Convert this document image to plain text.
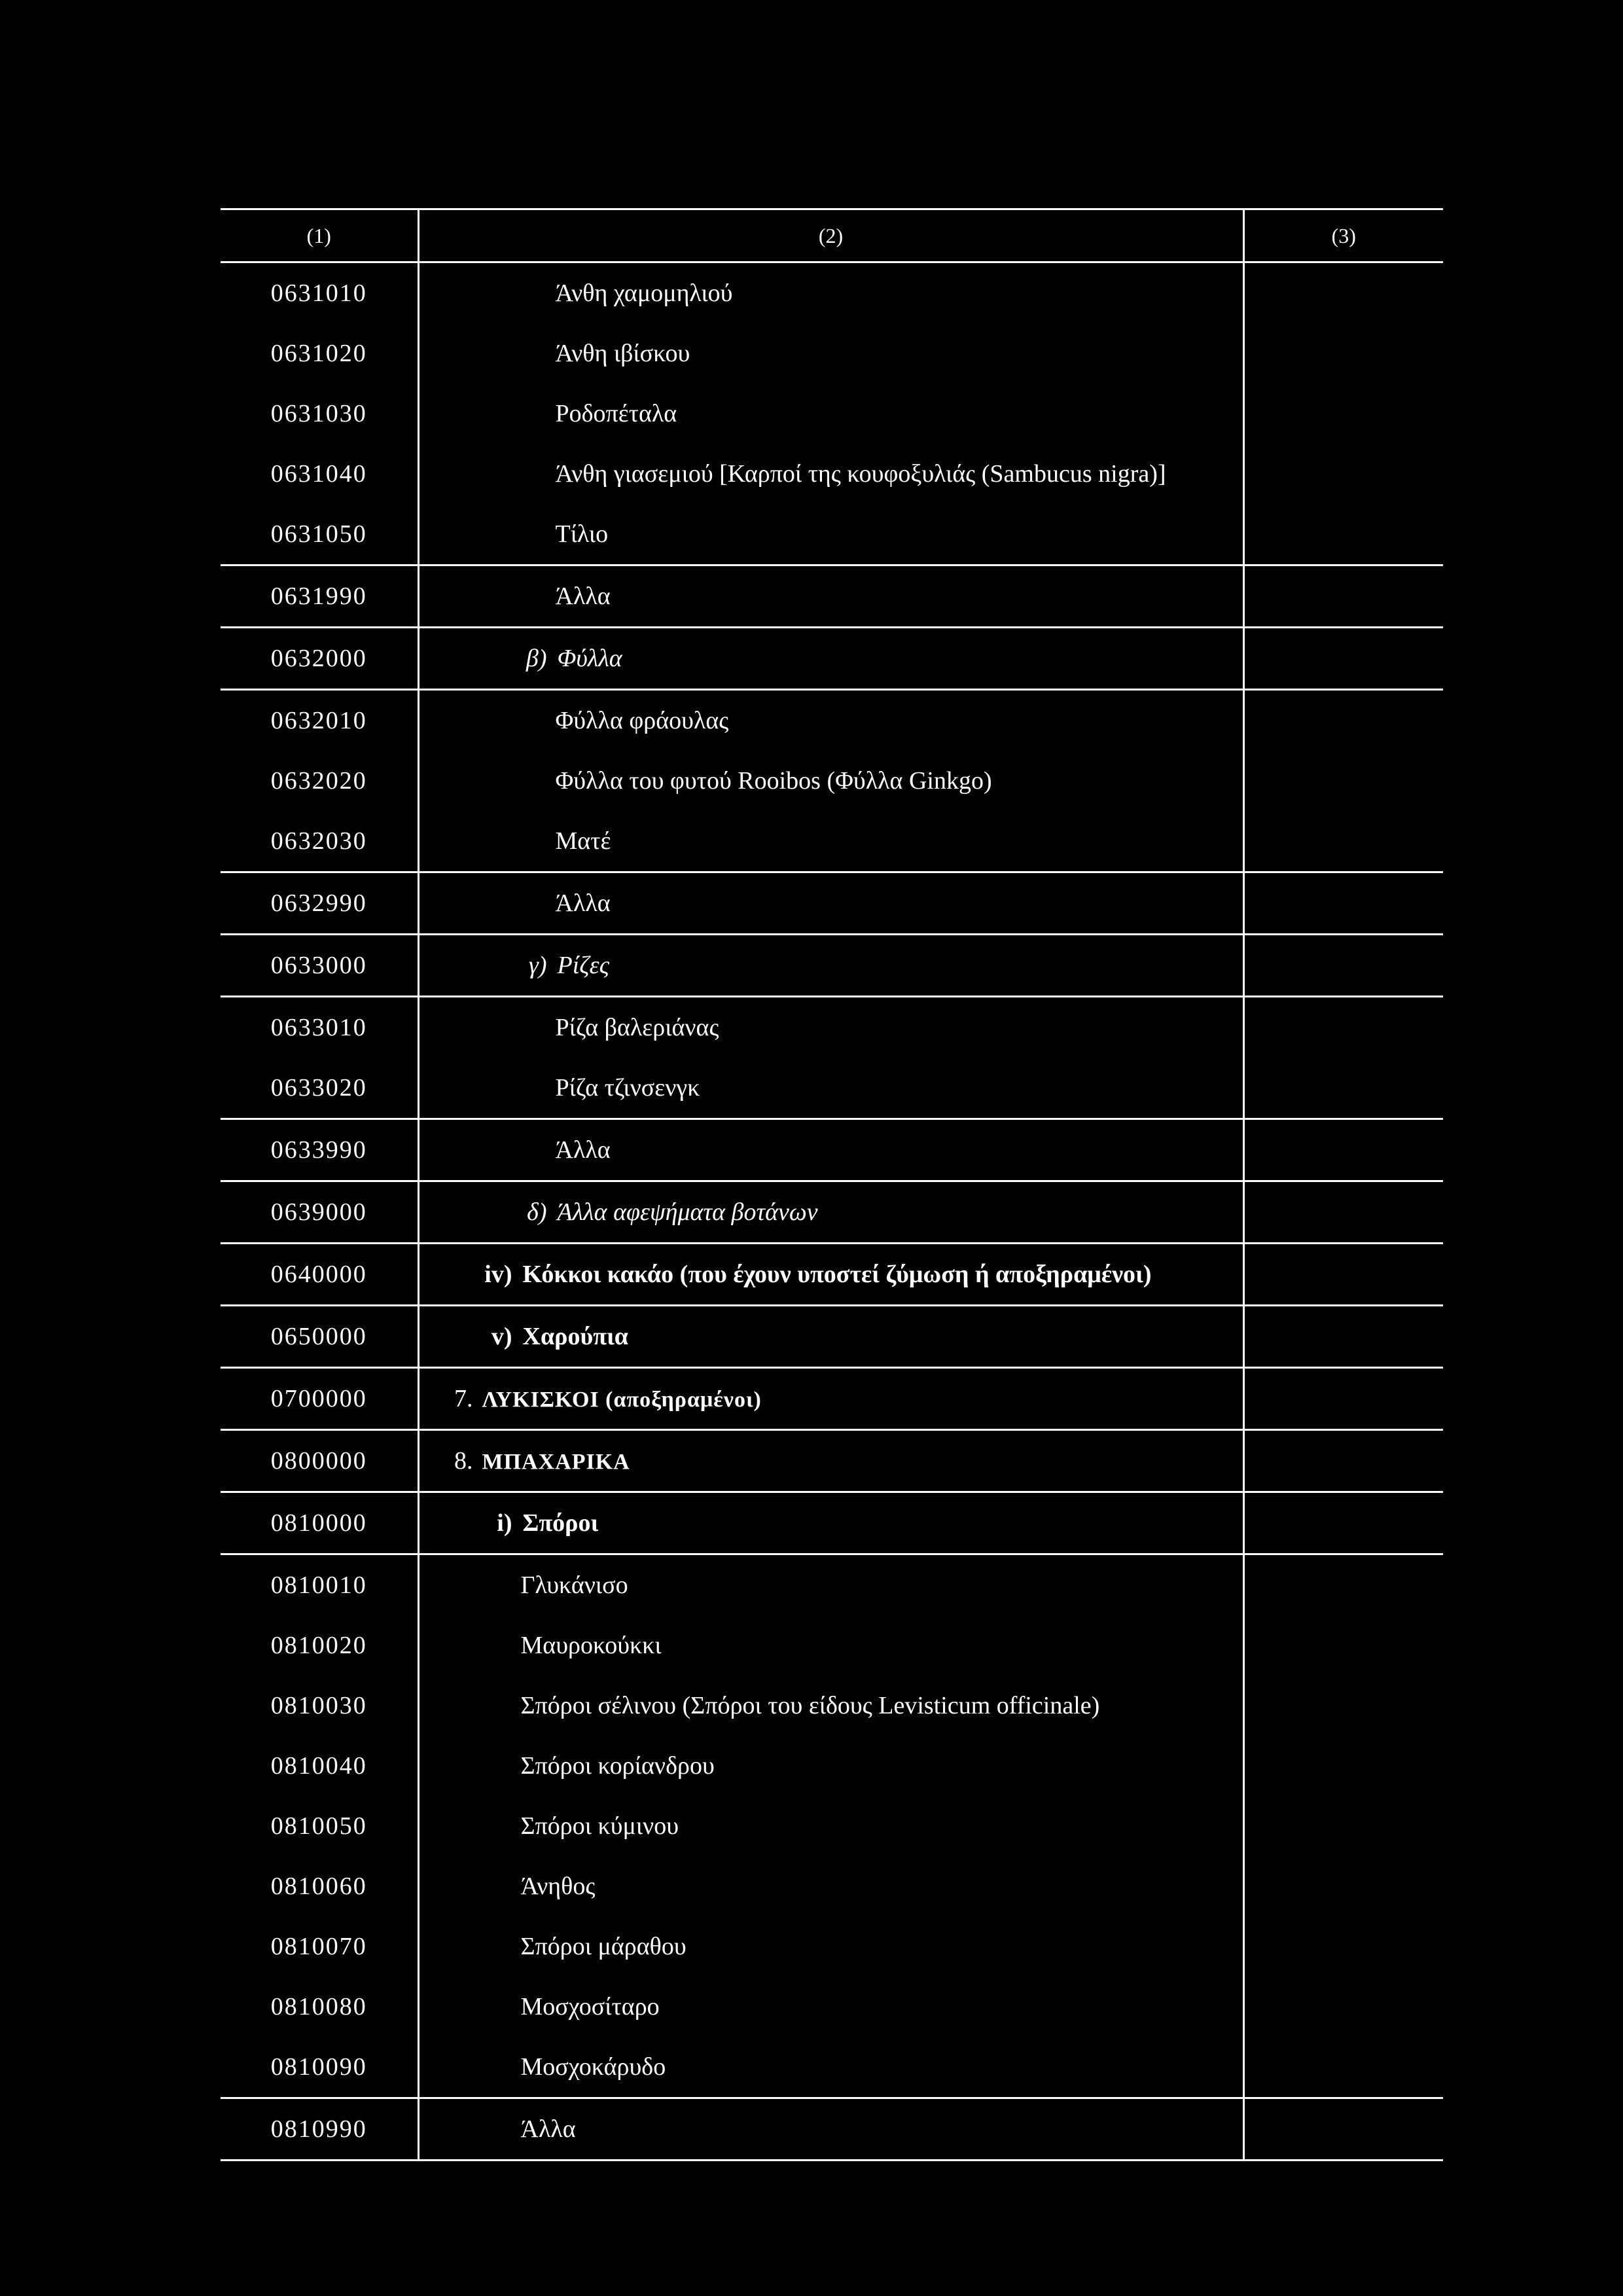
(1)	(2)	(3)
0631010	Άνθη χαμομηλιού	

0631020	Άνθη ιβίσκου	

0631030	Ροδοπέταλα	

0631040	Άνθη γιασεμιού [Καρποί της κουφοξυλιάς (Sambucus nigra)]	

0631050	Τίλιο	

0631990	Άλλα	

0632000	β) Φύλλα	

0632010	Φύλλα φράουλας	

0632020	Φύλλα του φυτού Rooibos (Φύλλα Ginkgo)	

0632030	Ματέ	

0632990	Άλλα	

0633000	γ) Ρίζες	

0633010	Ρίζα βαλεριάνας	

0633020	Ρίζα τζινσενγκ	

0633990	Άλλα	

0639000	δ) Άλλα αφεψήματα βοτάνων	

0640000	iv) Κόκκοι κακάο (που έχουν υποστεί ζύμωση ή αποξηραμένοι)	

0650000	v) Χαρούπια	

0700000	7. ΛΥΚΙΣΚΟΙ (αποξηραμένοι)	

0800000	8. ΜΠΑΧΑΡΙΚΑ	

0810000	i) Σπόροι	

0810010	Γλυκάνισο	

0810020	Μαυροκούκκι	

0810030	Σπόροι σέλινου (Σπόροι του είδους Levisticum officinale)	

0810040	Σπόροι κορίανδρου	

0810050	Σπόροι κύμινου	

0810060	Άνηθος	

0810070	Σπόροι μάραθου	

0810080	Μοσχοσίταρο	

0810090	Μοσχοκάρυδο	

0810990	Άλλα	
